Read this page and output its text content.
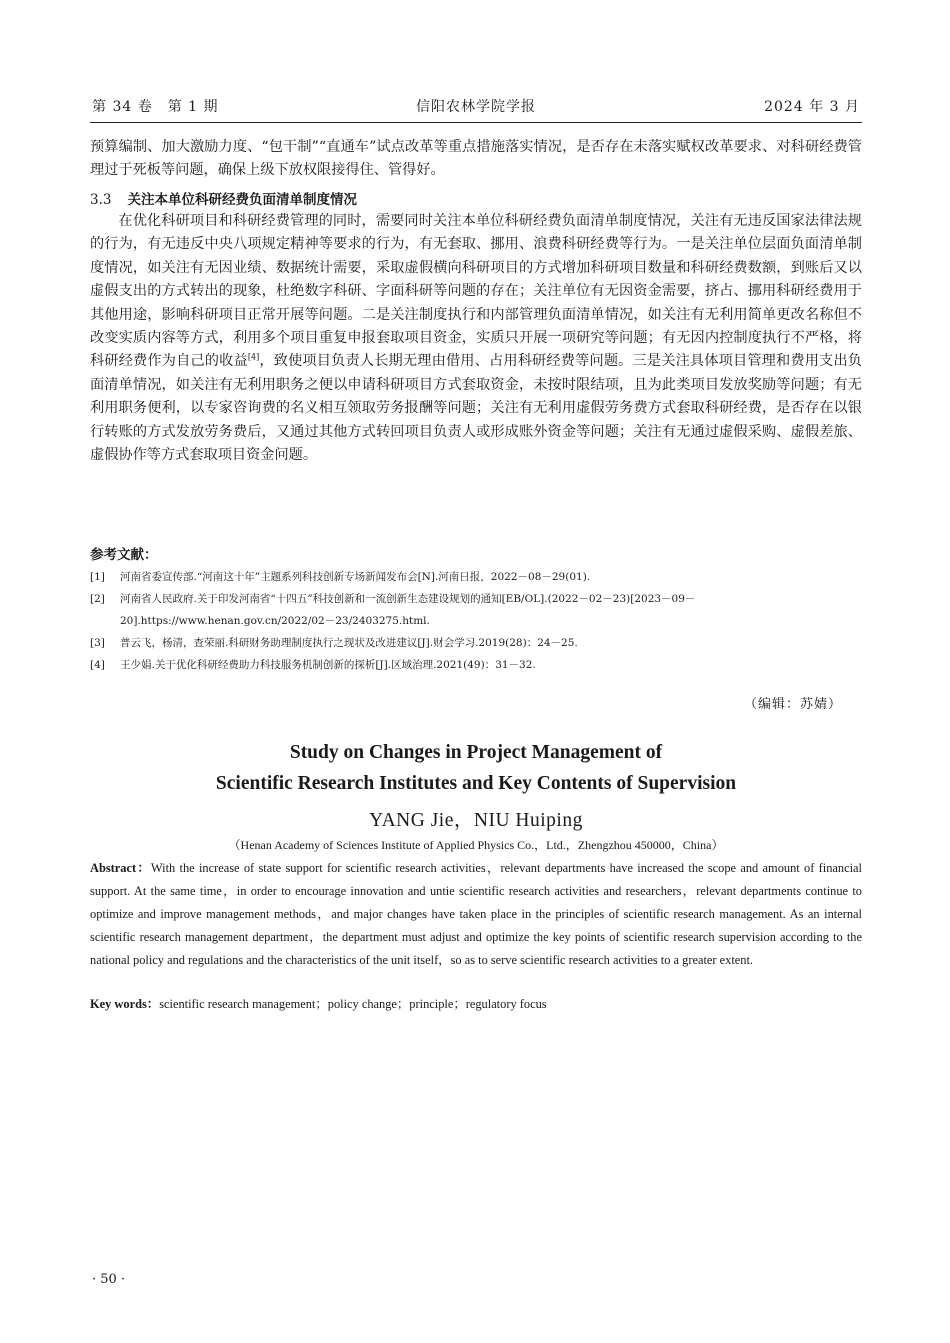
第 34 卷　第 1 期	信阳农林学院学报	2024 年 3 月
预算编制、加大激励力度、“包干制”“直通车”试点改革等重点措施落实情况，是否存在未落实赋权改革要求、对科研经费管理过于死板等问题，确保上级下放权限接得住、管得好。
3.3 关注本单位科研经费负面清单制度情况
在优化科研项目和科研经费管理的同时，需要同时关注本单位科研经费负面清单制度情况，关注有无违反国家法律法规的行为，有无违反中央八项规定精神等要求的行为，有无套取、挪用、浪费科研经费等行为。一是关注单位层面负面清单制度情况，如关注有无因业绩、数据统计需要，采取虚假横向科研项目的方式增加科研项目数量和科研经费数额，到账后又以虚假支出的方式转出的现象，杜绝数字科研、字面科研等问题的存在；关注单位有无因资金需要，挤占、挪用科研经费用于其他用途，影响科研项目正常开展等问题。二是关注制度执行和内部管理负面清单情况，如关注有无利用简单更改名称但不改变实质内容等方式，利用多个项目重复申报套取项目资金，实质只开展一项研究等问题；有无因内控制度执行不严格，将科研经费作为自己的收益[4]，致使项目负责人长期无理由借用、占用科研经费等问题。三是关注具体项目管理和费用支出负面清单情况，如关注有无利用职务之便以申请科研项目方式套取资金，未按时限结项，且为此类项目发放奖励等问题；有无利用职务便利，以专家咨询费的名义相互领取劳务报酬等问题；关注有无利用虚假劳务费方式套取科研经费，是否存在以银行转账的方式发放劳务费后，又通过其他方式转回项目负责人或形成账外资金等问题；关注有无通过虚假采购、虚假差旅、虚假协作等方式套取项目资金问题。
参考文献：
[1] 河南省委宣传部.“河南这十年”主题系列科技创新专场新闻发布会[N].河南日报，2022－08－29(01).
[2] 河南省人民政府.关于印发河南省“十四五”科技创新和一流创新生态建设规划的通知[EB/OL].(2022－02－23)[2023－09－20].https://www.henan.gov.cn/2022/02－23/2403275.html.
[3] 普云飞，杨清，查荣丽.科研财务助理制度执行之现状及改进建议[J].财会学习.2019(28)：24－25.
[4] 王少娟.关于优化科研经费助力科技服务机制创新的探析[J].区域治理.2021(49)：31－32.
（编辑：苏婧）
Study on Changes in Project Management of
Scientific Research Institutes and Key Contents of Supervision
YANG Jie，NIU Huiping
（Henan Academy of Sciences Institute of Applied Physics Co.，Ltd.，Zhengzhou 450000，China）
Abstract：With the increase of state support for scientific research activities，relevant departments have increased the scope and amount of financial support. At the same time，in order to encourage innovation and untie scientific research activities and researchers，relevant departments continue to optimize and improve management methods，and major changes have taken place in the principles of scientific research management. As an internal scientific research management department，the department must adjust and optimize the key points of scientific research supervision according to the national policy and regulations and the characteristics of the unit itself，so as to serve scientific research activities to a greater extent.
Key words：scientific research management；policy change；principle；regulatory focus
· 50 ·
